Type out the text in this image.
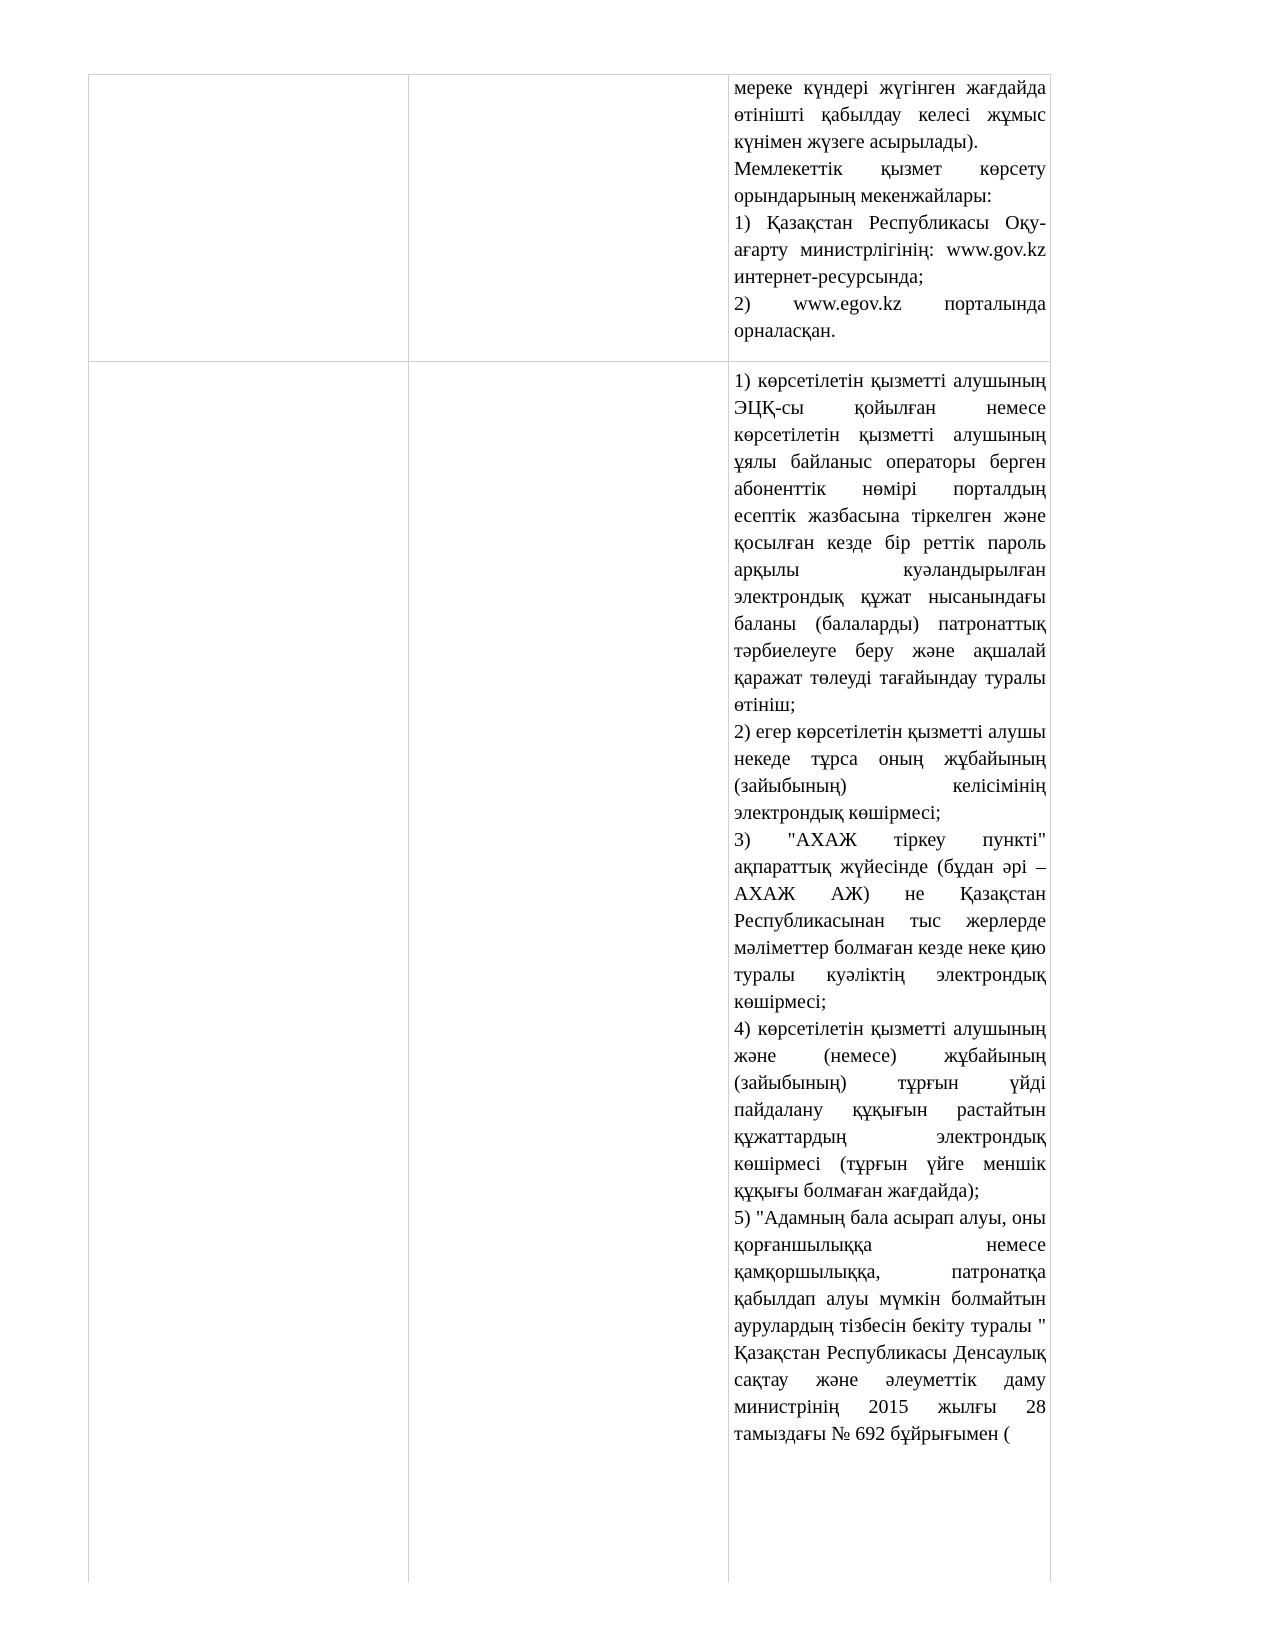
		мереке күндері жүгінген жағдайда өтінішті қабылдау келесі жұмыс күнімен жүзеге асырылады).

Мемлекеттік қызмет көрсету орындарының мекенжайлары:

1) Қазақстан Республикасы Оқу-ағарту министрлігінің: www.gov.kz интернет-ресурсында;

2) www.egov.kz порталында орналасқан.

		1) көрсетілетін қызметті алушының ЭЦҚ-сы қойылған немесе көрсетілетін қызметті алушының ұялы байланыс операторы берген абоненттік нөмірі порталдың есептік жазбасына тіркелген және қосылған кезде бір реттік пароль арқылы куәландырылған электрондық құжат нысанындағы баланы (балаларды) патронаттық тәрбиелеуге беру және ақшалай қаражат төлеуді тағайындау туралы өтініш;

2) егер көрсетілетін қызметті алушы некеде тұрса оның жұбайының (зайыбының) келісімінің электрондық көшірмесі;

3) "АХАЖ тіркеу пункті" ақпараттық жүйесінде (бұдан әрі – АХАЖ АЖ) не Қазақстан Республикасынан тыс жерлерде мәліметтер болмаған кезде неке қию туралы куәліктің электрондық көшірмесі;

4) көрсетілетін қызметті алушының және (немесе) жұбайының (зайыбының) тұрғын үйді пайдалану құқығын растайтын құжаттардың электрондық көшірмесі (тұрғын үйге меншік құқығы болмаған жағдайда);

5) "Адамның бала асырап алуы, оны қорғаншылыққа немесе қамқоршылыққа, патронатқа қабылдап алуы мүмкін болмайтын аурулардың тізбесін бекіту туралы " Қазақстан Республикасы Денсаулық сақтау және әлеуметтік даму министрінің 2015 жылғы 28 тамыздағы № 692 бұйрығымен (
